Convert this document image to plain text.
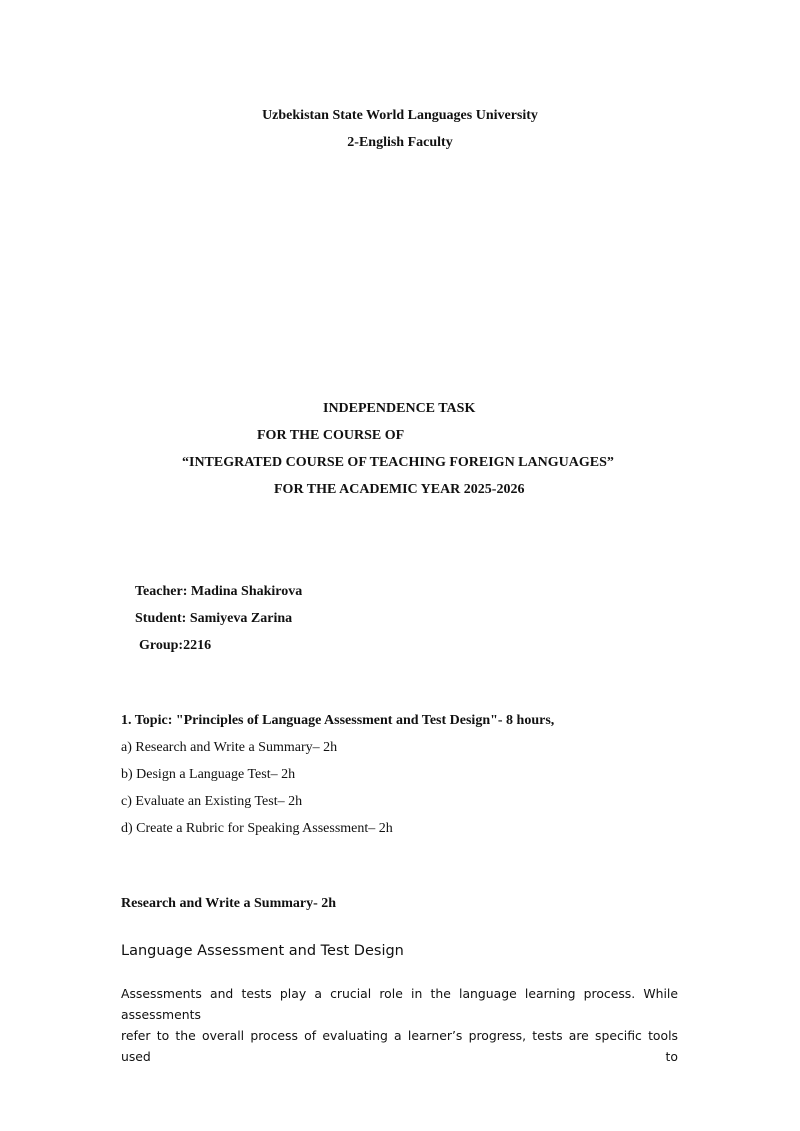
Uzbekistan State World Languages University
2-English Faculty
INDEPENDENCE TASK
FOR THE COURSE OF
“INTEGRATED COURSE OF TEACHING FOREIGN LANGUAGES”
FOR THE ACADEMIC YEAR 2025-2026
Teacher: Madina Shakirova
Student: Samiyeva Zarina
Group:2216
1. Topic: "Principles of Language Assessment and Test Design"- 8 hours,
a) Research and Write a Summary– 2h
b) Design a Language Test– 2h
c) Evaluate an Existing Test– 2h
d) Create a Rubric for Speaking Assessment– 2h
Research and Write a Summary- 2h
Language Assessment and Test Design
Assessments and tests play a crucial role in the language learning process. While assessments
refer to the overall process of evaluating a learner’s progress, tests are specific tools used to
